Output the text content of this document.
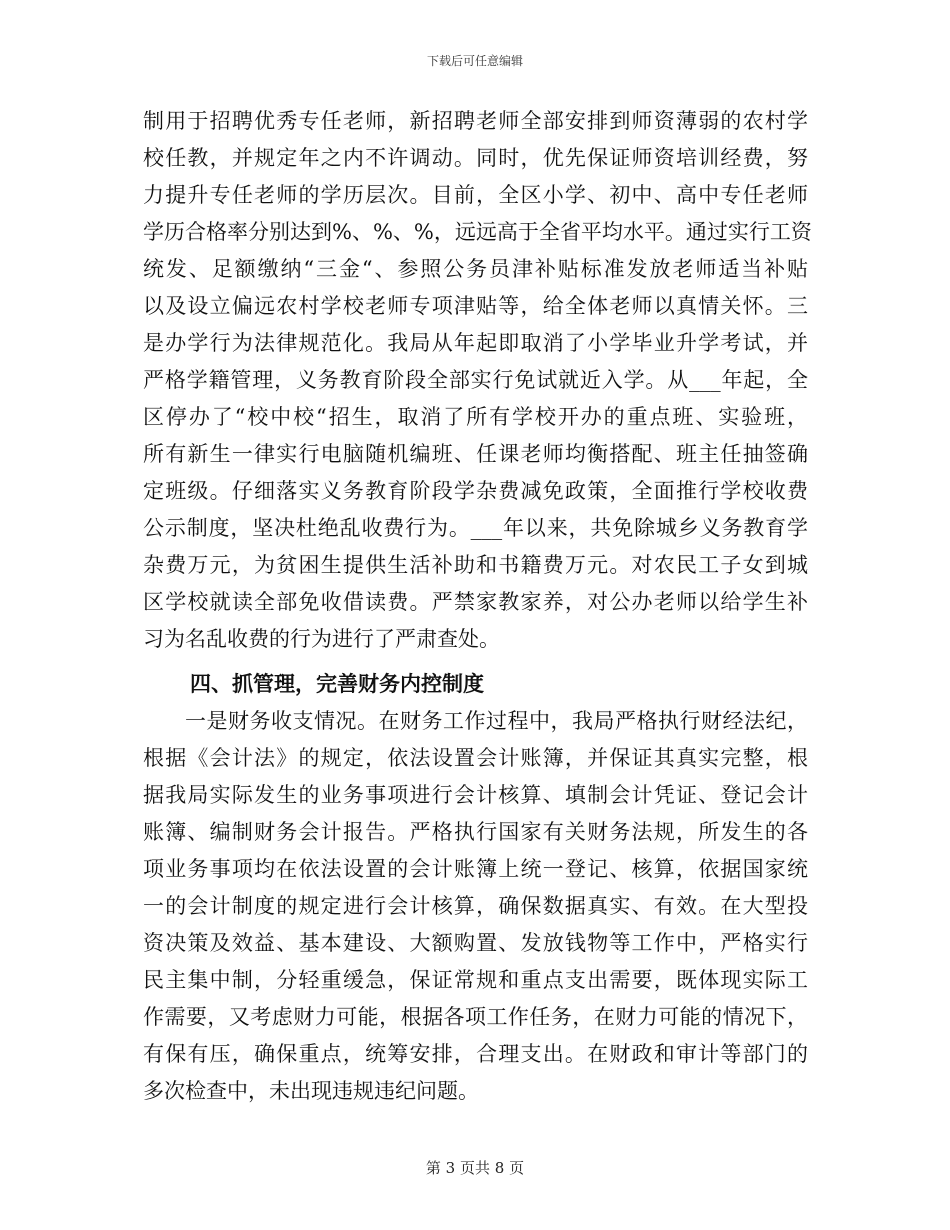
下载后可任意编辑
制用于招聘优秀专任老师，新招聘老师全部安排到师资薄弱的农村学
校任教，并规定年之内不许调动。同时，优先保证师资培训经费，努
力提升专任老师的学历层次。目前，全区小学、初中、高中专任老师
学历合格率分别达到%、%、%，远远高于全省平均水平。通过实行工资
统发、足额缴纳“三金“、参照公务员津补贴标准发放老师适当补贴
以及设立偏远农村学校老师专项津贴等，给全体老师以真情关怀。三
是办学行为法律规范化。我局从年起即取消了小学毕业升学考试，并
严格学籍管理，义务教育阶段全部实行免试就近入学。从___年起，全
区停办了“校中校“招生，取消了所有学校开办的重点班、实验班，
所有新生一律实行电脑随机编班、任课老师均衡搭配、班主任抽签确
定班级。仔细落实义务教育阶段学杂费减免政策，全面推行学校收费
公示制度，坚决杜绝乱收费行为。___年以来，共免除城乡义务教育学
杂费万元，为贫困生提供生活补助和书籍费万元。对农民工子女到城
区学校就读全部免收借读费。严禁家教家养，对公办老师以给学生补
习为名乱收费的行为进行了严肃查处。
四、抓管理，完善财务内控制度
一是财务收支情况。在财务工作过程中，我局严格执行财经法纪，
根据《会计法》的规定，依法设置会计账簿，并保证其真实完整，根
据我局实际发生的业务事项进行会计核算、填制会计凭证、登记会计
账簿、编制财务会计报告。严格执行国家有关财务法规，所发生的各
项业务事项均在依法设置的会计账簿上统一登记、核算，依据国家统
一的会计制度的规定进行会计核算，确保数据真实、有效。在大型投
资决策及效益、基本建设、大额购置、发放钱物等工作中，严格实行
民主集中制，分轻重缓急，保证常规和重点支出需要，既体现实际工
作需要，又考虑财力可能，根据各项工作任务，在财力可能的情况下，
有保有压，确保重点，统筹安排，合理支出。在财政和审计等部门的
多次检查中，未出现违规违纪问题。
第 3 页共 8 页
